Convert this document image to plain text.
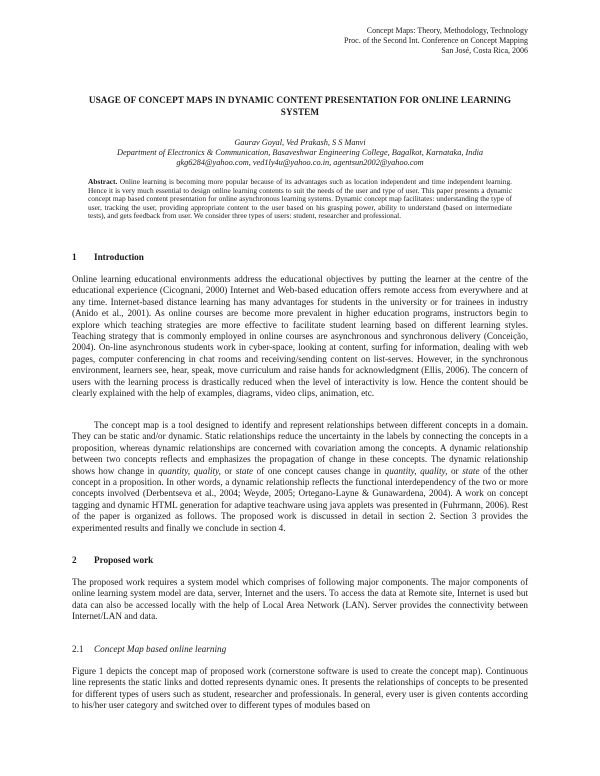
Concept Maps: Theory, Methodology, Technology
Proc. of the Second Int. Conference on Concept Mapping
San José, Costa Rica, 2006
USAGE OF CONCEPT MAPS IN DYNAMIC CONTENT PRESENTATION FOR ONLINE LEARNING SYSTEM
Gaurav Goyal, Ved Prakash, S S Manvi
Department of Electronics & Communication, Basaveshwar Engineering College, Bagalkot, Karnataka, India
gkg6284@yahoo.com, ved1ly4u@yahoo.co.in, agentsun2002@yahoo.com
Abstract. Online learning is becoming more popular because of its advantages such as location independent and time independent learning. Hence it is very much essential to design online learning contents to suit the needs of the user and type of user. This paper presents a dynamic concept map based content presentation for online asynchronous learning systems. Dynamic concept map facilitates: understanding the type of user, tracking the user, providing appropriate content to the user based on his grasping power, ability to understand (based on intermediate tests), and gets feedback from user. We consider three types of users: student, researcher and professional.
1 Introduction
Online learning educational environments address the educational objectives by putting the learner at the centre of the educational experience (Cicognani, 2000) Internet and Web-based education offers remote access from everywhere and at any time. Internet-based distance learning has many advantages for students in the university or for trainees in industry (Anido et al., 2001). As online courses are become more prevalent in higher education programs, instructors begin to explore which teaching strategies are more effective to facilitate student learning based on different learning styles. Teaching strategy that is commonly employed in online courses are asynchronous and synchronous delivery (Conceição, 2004). On-line asynchronous students work in cyber-space, looking at content, surfing for information, dealing with web pages, computer conferencing in chat rooms and receiving/sending content on list-serves. However, in the synchronous environment, learners see, hear, speak, move curriculum and raise hands for acknowledgment (Ellis, 2006). The concern of users with the learning process is drastically reduced when the level of interactivity is low. Hence the content should be clearly explained with the help of examples, diagrams, video clips, animation, etc.
The concept map is a tool designed to identify and represent relationships between different concepts in a domain. They can be static and/or dynamic. Static relationships reduce the uncertainty in the labels by connecting the concepts in a proposition, whereas dynamic relationships are concerned with covariation among the concepts. A dynamic relationship between two concepts reflects and emphasizes the propagation of change in these concepts. The dynamic relationship shows how change in quantity, quality, or state of one concept causes change in quantity, quality, or state of the other concept in a proposition. In other words, a dynamic relationship reflects the functional interdependency of the two or more concepts involved (Derbentseva et al., 2004; Weyde, 2005; Ortegano-Layne & Gunawardena, 2004). A work on concept tagging and dynamic HTML generation for adaptive teachware using java applets was presented in (Fuhrmann, 2006). Rest of the paper is organized as follows. The proposed work is discussed in detail in section 2. Section 3 provides the experimented results and finally we conclude in section 4.
2 Proposed work
The proposed work requires a system model which comprises of following major components. The major components of online learning system model are data, server, Internet and the users. To access the data at Remote site, Internet is used but data can also be accessed locally with the help of Local Area Network (LAN). Server provides the connectivity between Internet/LAN and data.
2.1 Concept Map based online learning
Figure 1 depicts the concept map of proposed work (cornerstone software is used to create the concept map). Continuous line represents the static links and dotted represents dynamic ones. It presents the relationships of concepts to be presented for different types of users such as student, researcher and professionals. In general, every user is given contents according to his/her user category and switched over to different types of modules based on
